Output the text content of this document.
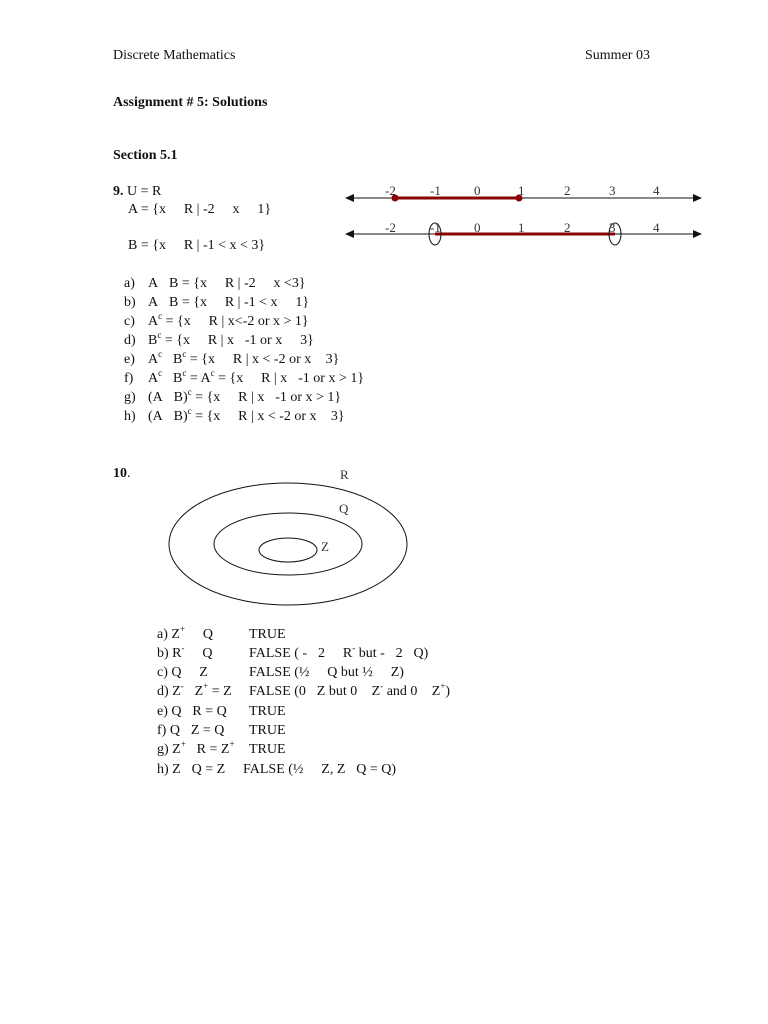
Discrete Mathematics	Summer 03
Assignment # 5: Solutions
Section 5.1
9. U = R
A = {x R | -2 x 1}
B = {x R | -1 < x < 3}
-2	-1	0	1	2	3	4
-2	-1	0	1	2	3	4
a) A B = {x R | -2 x <3}
b) A B = {x R | -1 < x 1}
c) $A^c = \{x$ R | x<-2 or x > 1}
d) $B^c = \{x$ R | x -1 or x 3}
e) $A^c$ $B^c = \{x$ R | x < -2 or x 3}
f) $A^c$ $B^c = A^c = \{x$ R | x -1 or x > 1}
g) (A B)$^c$ = {x R | x -1 or x > 1}
h) (A B)$^c$ = {x R | x < -2 or x 3}
10.	R
Q
Z
a) Z+ Q	TRUE
b) R- Q	FALSE ( - 2 R- but - 2 Q)
c) Q Z	FALSE (½ Q but ½ Z)
d) Z- Z+ = Z FALSE (0 Z but 0 Z- and 0 Z+)
e) Q R = Q TRUE
f) Q Z = Q TRUE
g) Z+ R = Z+ TRUE
h) Z Q = Z FALSE (½ Z, Z Q = Q)
